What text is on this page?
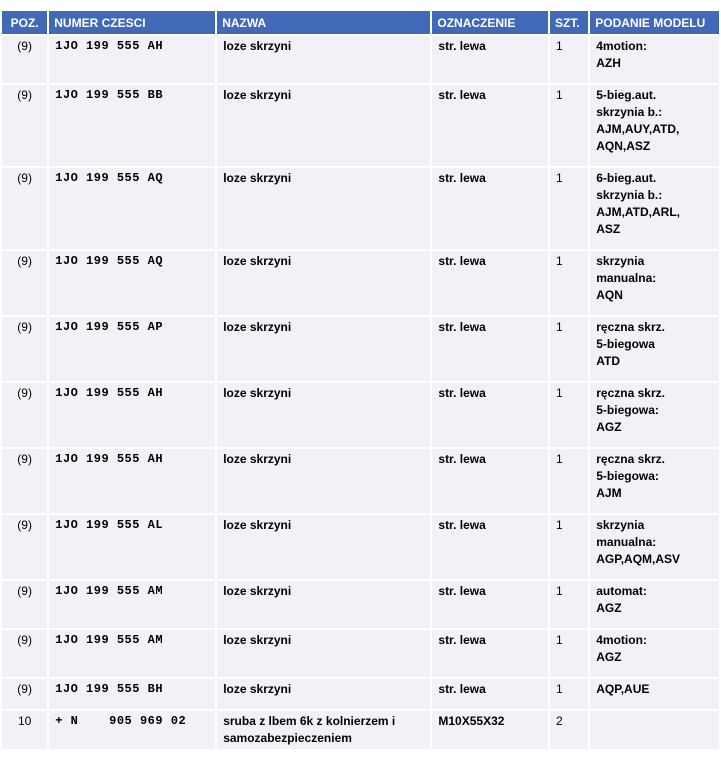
POZ.	NUMER CZESCI	NAZWA	OZNACZENIE	SZT.	PODANIE MODELU
(9)	1JO 199 555 AH	loze skrzyni	str. lewa	1	4motion:
AZH
(9)	1JO 199 555 BB	loze skrzyni	str. lewa	1	5-bieg.aut.
skrzynia b.:
AJM,AUY,ATD,
AQN,ASZ
(9)	1JO 199 555 AQ	loze skrzyni	str. lewa	1	6-bieg.aut.
skrzynia b.:
AJM,ATD,ARL,
ASZ
(9)	1JO 199 555 AQ	loze skrzyni	str. lewa	1	skrzynia
manualna:
AQN
(9)	1JO 199 555 AP	loze skrzyni	str. lewa	1	ręczna skrz.
5-biegowa
ATD
(9)	1JO 199 555 AH	loze skrzyni	str. lewa	1	ręczna skrz.
5-biegowa:
AGZ
(9)	1JO 199 555 AH	loze skrzyni	str. lewa	1	ręczna skrz.
5-biegowa:
AJM
(9)	1JO 199 555 AL	loze skrzyni	str. lewa	1	skrzynia
manualna:
AGP,AQM,ASV
(9)	1JO 199 555 AM	loze skrzyni	str. lewa	1	automat:
AGZ
(9)	1JO 199 555 AM	loze skrzyni	str. lewa	1	4motion:
AGZ
(9)	1JO 199 555 BH	loze skrzyni	str. lewa	1	AQP,AUE
10	+ N    905 969 02	sruba z lbem 6k z kolnierzem i samozabezpieczeniem	M10X55X32	2	
